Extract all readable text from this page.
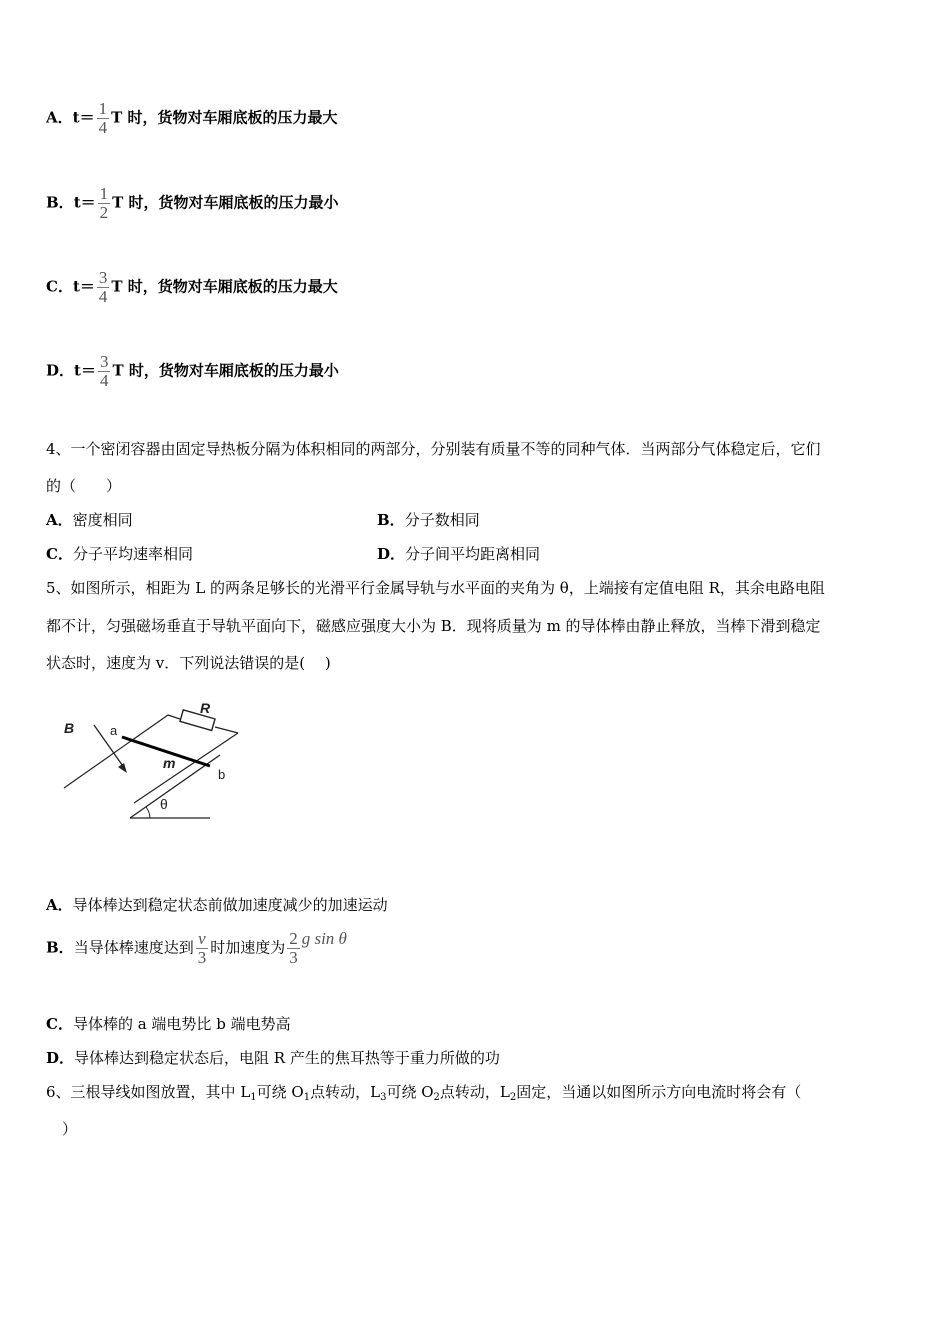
A．$t= \frac{1}{4}$ T 时，货物对车厢底板的压力最大
B．$t= \frac{1}{2}$ T 时，货物对车厢底板的压力最小
C．$t= \frac{3}{4}$ T 时，货物对车厢底板的压力最大
D．$t= \frac{3}{4}$ T 时，货物对车厢底板的压力最小
4、一个密闭容器由固定导热板分隔为体积相同的两部分，分别装有质量不等的同种气体．当两部分气体稳定后，它们
的（　　）
A．密度相同	B．分子数相同
C．分子平均速率相同	D．分子间平均距离相同
5、如图所示，相距为 L 的两条足够长的光滑平行金属导轨与水平面的夹角为 θ，上端接有定值电阻 R，其余电路电阻
都不计，匀强磁场垂直于导轨平面向下，磁感应强度大小为 B．现将质量为 m 的导体棒由静止释放，当棒下滑到稳定
状态时，速度为 v．下列说法错误的是(　 )
B
R
a
m
b
θ
A．导体棒达到稳定状态前做加速度减少的加速运动
B．当导体棒速度达到 $\frac{v}{3}$ 时加速度为 $\frac{2}{3}$ g sin θ
C．导体棒的 a 端电势比 b 端电势高
D．导体棒达到稳定状态后，电阻 R 产生的焦耳热等于重力所做的功
6、三根导线如图放置，其中 $L_1$可绕 $O_1$点转动，$L_3$可绕 $O_2$点转动，$L_2$固定，当通以如图所示方向电流时将会有（
）
